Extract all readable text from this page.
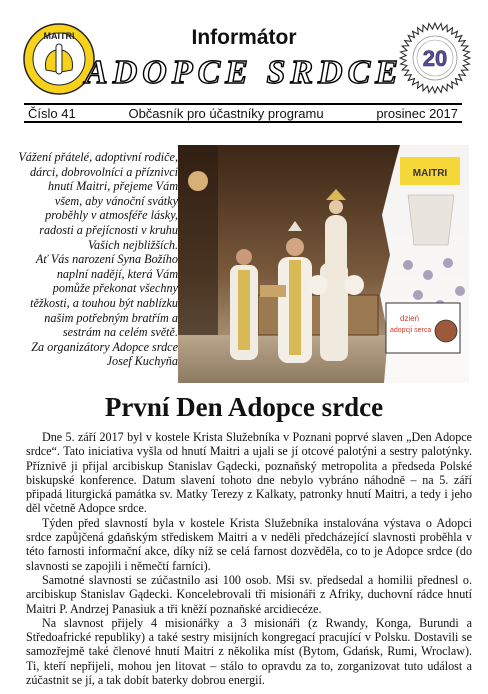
MAITRI
20
Informátor
ADOPCE SRDCE
Číslo 41	Občasník pro účastníky programu	prosinec 2017

Vážení přátelé, adoptivní rodiče, dárci, dobrovolníci a příznivci hnutí Maitri, přejeme Vám všem, aby vánoční svátky proběhly v atmosféře lásky, radosti a přejícnosti v kruhu Vašich nejbližších.

Ať Vás narození Syna Božího naplní nadějí, která Vám pomůže překonat všechny těžkosti, a touhou být nablízku našim potřebným bratřím a sestrám na celém světě.

Za organizátory Adopce srdce

Josef Kuchyňa

MAITRI
dzień
adopcji serca
První Den Adopce srdce

Dne 5. září 2017 byl v kostele Krista Služebníka v Poznani poprvé slaven „Den Adopce srdce“. Tato iniciativa vyšla od hnutí Maitri a ujali se jí otcové palotýni a sestry palotýnky. Příznivě ji přijal arcibiskup Stanislav Gądecki, poznaňský metropolita a předseda Polské biskupské konference. Datum slavení tohoto dne nebylo vybráno náhodně – na 5. září připadá liturgická památka sv. Matky Terezy z Kalkaty, patronky hnutí Maitri, a tedy i jeho děl včetně Adopce srdce.

Týden před slavností byla v kostele Krista Služebníka instalována výstava o Adopci srdce zapůjčená gdaňským střediskem Maitri a v neděli předcházející slavnosti proběhla v této farnosti informační akce, díky níž se celá farnost dozvěděla, co to je Adopce srdce (do slavnosti se zapojili i němečtí farníci).

Samotné slavnosti se zúčastnilo asi 100 osob. Mši sv. předsedal a homilii přednesl o. arcibiskup Stanislav Gądecki. Koncelebrovali tři misionáři z Afriky, duchovní rádce hnutí Maitri P. Andrzej Panasiuk a tři kněží poznaňské arcidiecéze.

Na slavnost přijely 4 misionářky a 3 misionáři (z Rwandy, Konga, Burundi a Středoafrické republiky) a také sestry misijních kongregací pracující v Polsku. Dostavili se samozřejmě také členové hnutí Maitri z několika míst (Bytom, Gdańsk, Rumi, Wroclaw). Ti, kteří nepřijeli, mohou jen litovat – stálo to opravdu za to, zorganizovat tuto událost a zúčastnit se jí, a tak dobít baterky dobrou energií.
